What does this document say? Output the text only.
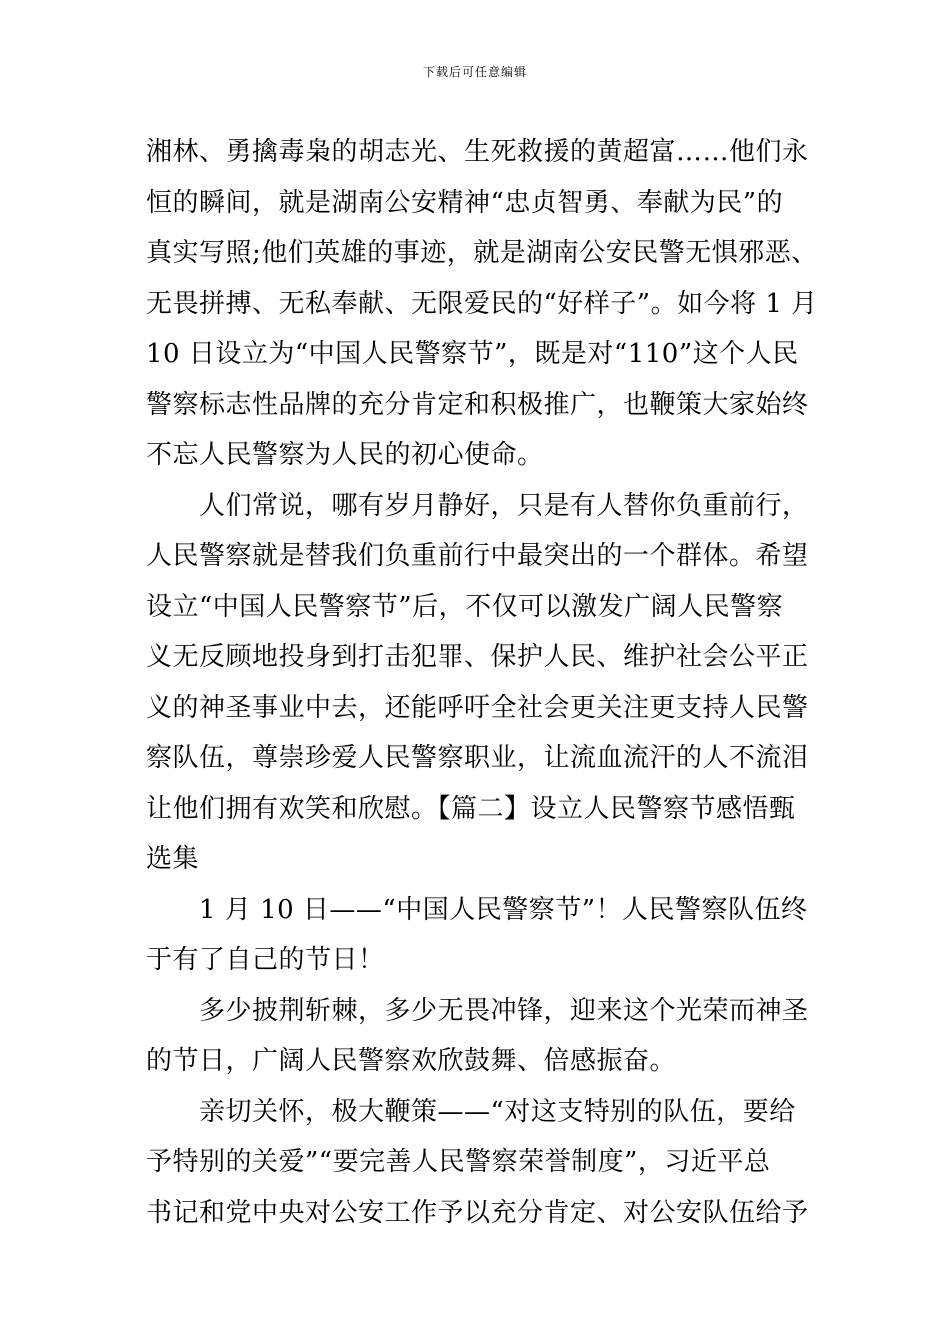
下载后可任意编辑
湘林、勇擒毒枭的胡志光、生死救援的黄超富……他们永
恒的瞬间，就是湖南公安精神“忠贞智勇、奉献为民”的
真实写照;他们英雄的事迹，就是湖南公安民警无惧邪恶、
无畏拼搏、无私奉献、无限爱民的“好样子”。如今将 1 月
10 日设立为“中国人民警察节”，既是对“110”这个人民
警察标志性品牌的充分肯定和积极推广，也鞭策大家始终
不忘人民警察为人民的初心使命。
　　人们常说，哪有岁月静好，只是有人替你负重前行，
人民警察就是替我们负重前行中最突出的一个群体。希望
设立“中国人民警察节”后，不仅可以激发广阔人民警察
义无反顾地投身到打击犯罪、保护人民、维护社会公平正
义的神圣事业中去，还能呼吁全社会更关注更支持人民警
察队伍，尊崇珍爱人民警察职业，让流血流汗的人不流泪
让他们拥有欢笑和欣慰。【篇二】设立人民警察节感悟甄
选集
　　1 月 10 日——“中国人民警察节”！人民警察队伍终
于有了自己的节日！
　　多少披荆斩棘，多少无畏冲锋，迎来这个光荣而神圣
的节日，广阔人民警察欢欣鼓舞、倍感振奋。
　　亲切关怀，极大鞭策——“对这支特别的队伍，要给
予特别的关爱”“要完善人民警察荣誉制度”，习近平总
书记和党中央对公安工作予以充分肯定、对公安队伍给予
